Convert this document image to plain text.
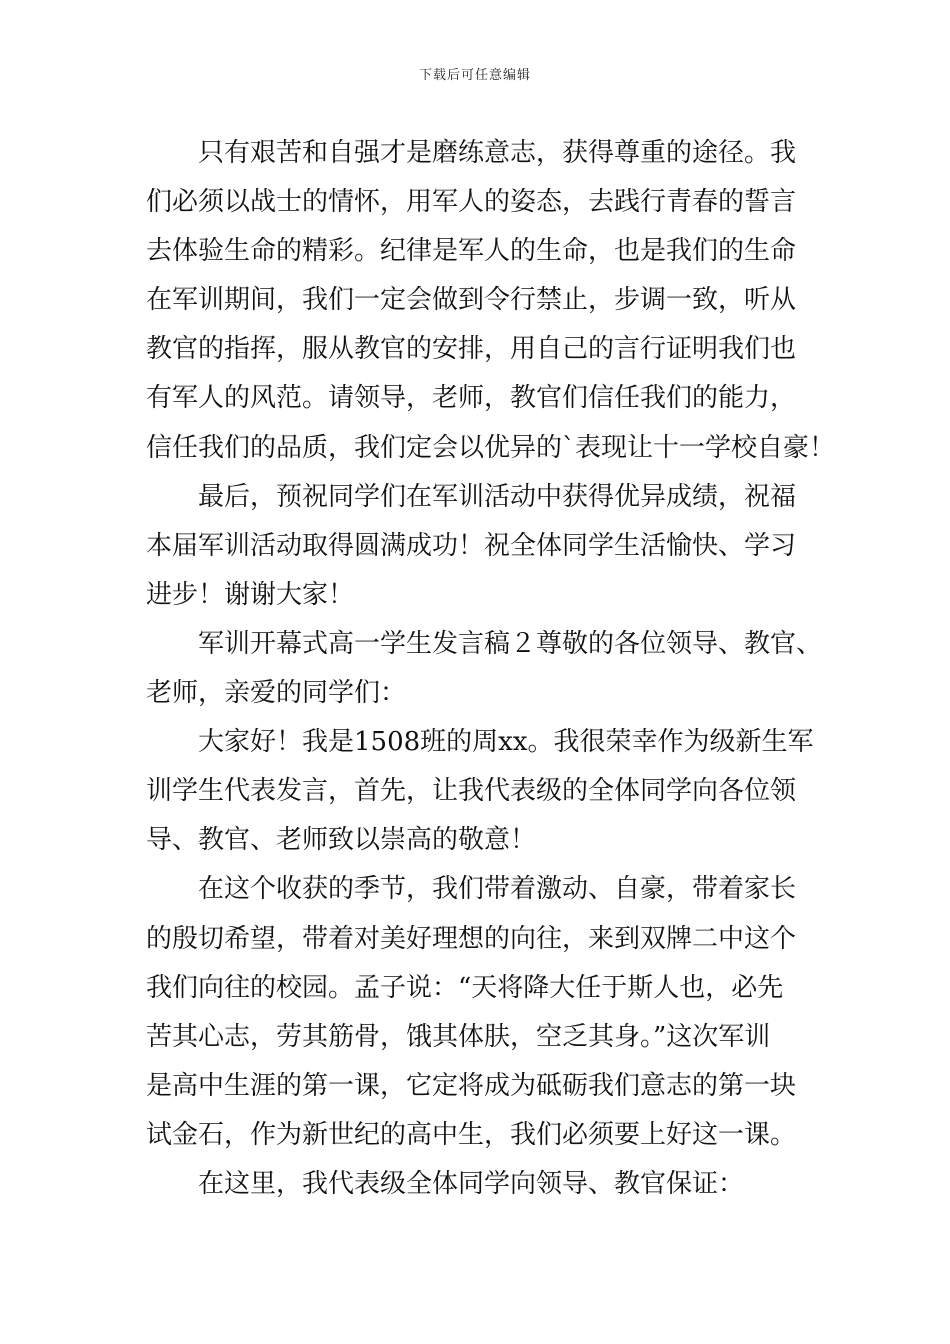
下载后可任意编辑
只有艰苦和自强才是磨练意志，获得尊重的途径。我
们必须以战士的情怀，用军人的姿态，去践行青春的誓言
去体验生命的精彩。纪律是军人的生命，也是我们的生命
在军训期间，我们一定会做到令行禁止，步调一致，听从
教官的指挥，服从教官的安排，用自己的言行证明我们也
有军人的风范。请领导，老师，教官们信任我们的能力，
信任我们的品质，我们定会以优异的`表现让十一学校自豪！
最后，预祝同学们在军训活动中获得优异成绩，祝福
本届军训活动取得圆满成功！祝全体同学生活愉快、学习
进步！谢谢大家！
军训开幕式高一学生发言稿２尊敬的各位领导、教官、
老师，亲爱的同学们：
大家好！我是1508班的周xx。我很荣幸作为级新生军
训学生代表发言，首先，让我代表级的全体同学向各位领
导、教官、老师致以崇高的敬意！
在这个收获的季节，我们带着激动、自豪，带着家长
的殷切希望，带着对美好理想的向往，来到双牌二中这个
我们向往的校园。孟子说：“天将降大任于斯人也，必先
苦其心志，劳其筋骨，饿其体肤，空乏其身。”这次军训
是高中生涯的第一课，它定将成为砥砺我们意志的第一块
试金石，作为新世纪的高中生，我们必须要上好这一课。
在这里，我代表级全体同学向领导、教官保证：
